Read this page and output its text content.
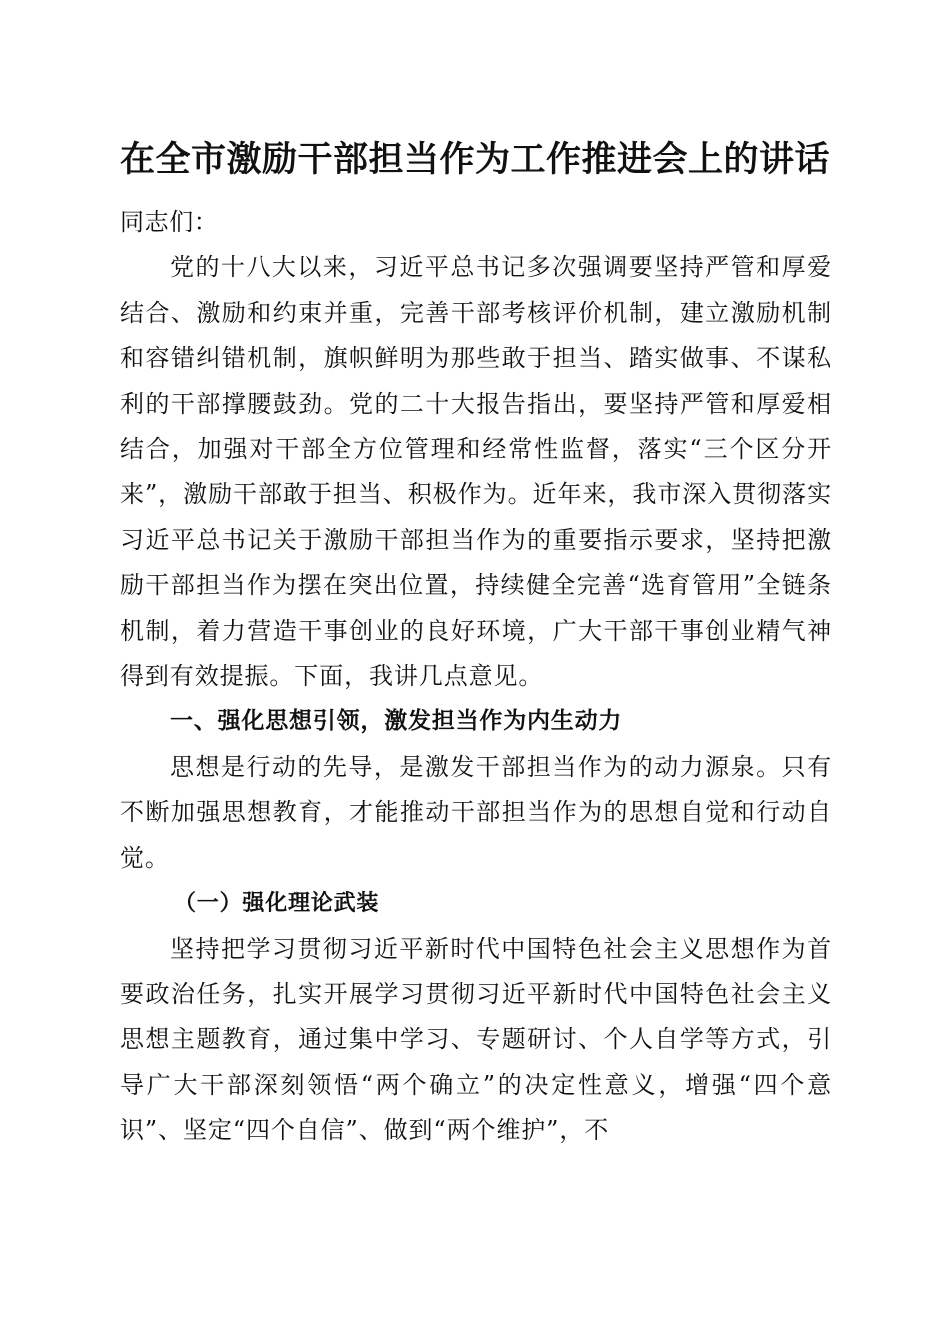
在全市激励干部担当作为工作推进会上的讲话

同志们：

党的十八大以来，习近平总书记多次强调要坚持严管和厚爱结合、激励和约束并重，完善干部考核评价机制，建立激励机制和容错纠错机制，旗帜鲜明为那些敢于担当、踏实做事、不谋私利的干部撑腰鼓劲。党的二十大报告指出，要坚持严管和厚爱相结合，加强对干部全方位管理和经常性监督，落实“三个区分开来”，激励干部敢于担当、积极作为。近年来，我市深入贯彻落实习近平总书记关于激励干部担当作为的重要指示要求，坚持把激励干部担当作为摆在突出位置，持续健全完善“选育管用”全链条机制，着力营造干事创业的良好环境，广大干部干事创业精气神得到有效提振。下面，我讲几点意见。

一、强化思想引领，激发担当作为内生动力

思想是行动的先导，是激发干部担当作为的动力源泉。只有不断加强思想教育，才能推动干部担当作为的思想自觉和行动自觉。

（一）强化理论武装

坚持把学习贯彻习近平新时代中国特色社会主义思想作为首要政治任务，扎实开展学习贯彻习近平新时代中国特色社会主义思想主题教育，通过集中学习、专题研讨、个人自学等方式，引导广大干部深刻领悟“两个确立”的决定性意义，增强“四个意识”、坚定“四个自信”、做到“两个维护”，不
